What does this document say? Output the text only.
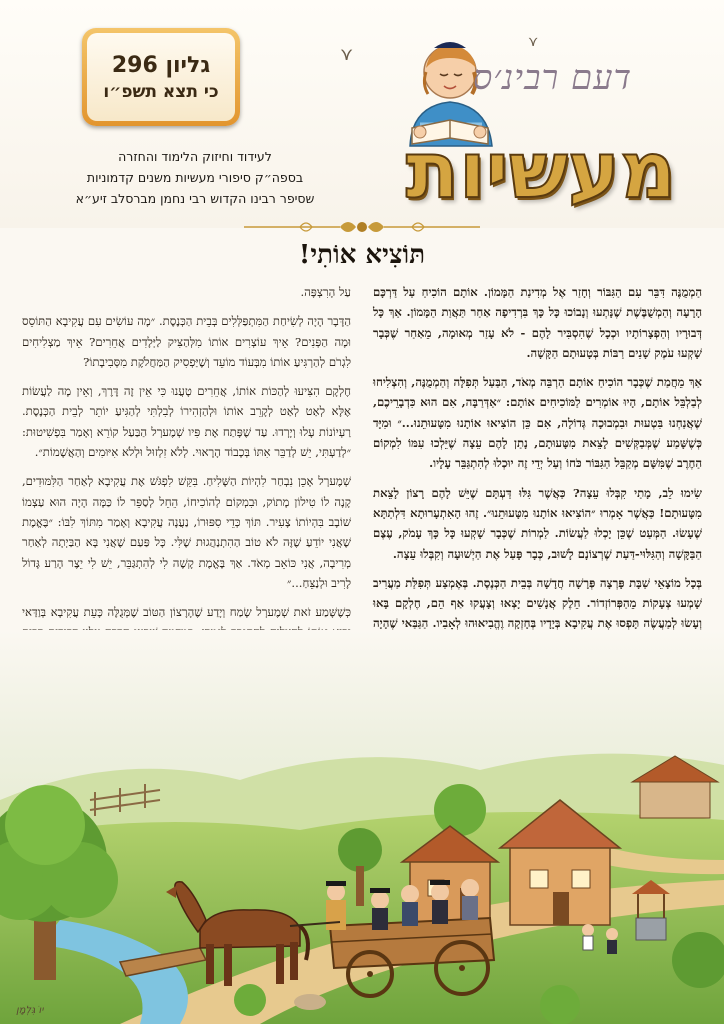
גליון 296
כי תצא תשפ״ו
לעידוד וחיזוק הלימוד והחזרה
בספה״ק סיפורי מעשיות משנים קדמוניות
שסיפר רבינו הקדוש רבי נחמן מברסלב זיע״א
⋎
⋎
דעם רבינ׳ס
מעשיות
תּוֹצִיא אוֹתִי!

הַמְמֻנֶּה דִּבֵּר עִם הַגִּבּוֹר וְחָזַר אֶל מְדִינַת הַמָּמוֹן. אוֹתָם הוֹכִיחַ עַל דַּרְכָּם הָרָעָה וְהַמְשֻׁבֶּשֶׁת שֶׁנָּתְעוּ וְנָבוֹכוּ כָּל כָּךְ בִּרְדִיפָה אַחַר תַּאֲוַת הַמָּמוֹן. אַךְ כָּל דְּבוּרָיו וְהַפְצָרוֹתָיו וּכְכָל שֶׁהִסְבִּיר לָהֶם - לֹא עָזַר מְאוּמָה, מֵאַחַר שֶׁכְּבָר שָׁקְעוּ עֹמֶק שָׁנִים רַבּוֹת בְּטָעוּתָם הַקָּשָׁה.

אַךְ מֵחֲמַת שֶׁכְּבָר הוֹכִיחַ אוֹתָם הַרְבֵּה מְאֹד, הַבַּעַל תְּפִלָּה וְהַמְמֻנֶּה, וְהִצְלִיחוּ לְבַלְבֵּל אוֹתָם, הָיוּ אוֹמְרִים לַמּוֹכִיחִים אוֹתָם: ״אַדְּרַבָּה, אִם הוּא כִּדְבָרֵיכֶם, שֶׁאֲנַחְנוּ בִּטְעוּת וּבִמְבוּכָה גְּדוֹלָה, אִם כֵּן הוֹצִיאוּ אוֹתָנוּ מִטָּעוּתֵנוּ...״ וּמִיָּד כְּשֶׁשָּׁמַע שֶׁמְּבַקְּשִׁים לָצֵאת מִטָּעוּתָם, נָתַן לָהֶם עֵצָה שֶׁיֵּלְכוּ עִמּוֹ לִמְקוֹם הַחֶרֶב שֶׁמִּשָּׁם מְקַבֵּל הַגִּבּוֹר כֹּחוֹ וְעַל יְדֵי זֶה יוּכְלוּ לְהִתְגַּבֵּר עָלָיו.

שִׂימוּ לֵב, מָתַי קִבְּלוּ עֵצָה? כַּאֲשֶׁר גִּלּוּ דַּעְתָּם שֶׁיֵּשׁ לָהֶם רָצוֹן לָצֵאת מִטָּעוּתָם! כַּאֲשֶׁר אָמְרוּ ״הוֹצִיאוּ אוֹתָנוּ מִטָּעוּתֵנוּ״. זֶהוּ הָאִתְעָרוּתָא דִּלְתַתָּא שֶׁעָשׂוּ. הַמְּעַט שֶׁכֵּן יָכְלוּ לַעֲשׂוֹת. לַמְרוֹת שֶׁכְּבָר שָׁקְעוּ כָּל כָּךְ עָמֹק, עֶצֶם הַבַּקָּשָׁה וְהַגִּלּוּי-דַּעַת שֶׁרְצוֹנָם לָשׁוּב, כְּבָר פָּעַל אֶת הַיְשׁוּעָה וְקִבְּלוּ עֵצָה.

בְּכָל מוֹצָאֵי שַׁבָּת פָּרְצָה פְּרָשָׁה חֲדָשָׁה בְּבֵית הַכְּנֶסֶת. בְּאֶמְצַע תְּפִלַּת מַעֲרִיב שָׁמְעוּ צְעָקוֹת מֵהַפְּרוֹזְדוֹר. חֵלֶק אֲנָשִׁים יָצְאוּ וְצָעֲקוּ אַף הֵם, חֶלְקָם בָּאוּ וְעָשׂוּ לְמַעֲשֶׂה תָּפְסוּ אֶת עֲקִיבָא בְּיָדָיו בְּחָזְקָה וֶהֱבִיאוּהוּ לְאָבִיו. הַגַּבַּאי שֶׁהָיָה

עַל הָרִצְפָּה.

הַדָּבָר הָיָה לְשִׂיחַת הַמִּתְפַּלְּלִים בְּבֵית הַכְּנֶסֶת. ״מָה עוֹשִׂים עִם עֲקִיבָא הַתּוֹסֵס וּמָה הַפְּנִים? אֵיךְ עוֹצְרִים אוֹתוֹ מִלְּהַצִּיק לַיְּלָדִים אֲחֵרִים? אֵיךְ מַצְלִיחִים לִגְרֹם לְהַרְגִּיעַ אוֹתוֹ מִבְּעוֹד מוֹעֵד וְשֶׁיַּפְסִיק הַמַּחֲלֹקֶת מִסְּבִיבָתוֹ?

חֶלְקָם הִצִּיעוּ לְהַכּוֹת אוֹתוֹ, אֲחֵרִים טָעֲנוּ כִּי אֵין זֶה דֶּרֶךְ, וְאֵין מָה לַעֲשׂוֹת אֶלָּא לְאַט לְאַט לְקָרֵב אוֹתוֹ וּלְהַזְהִירוֹ לְבִלְתִּי לְהַגִּיעַ יוֹתֵר לְבֵית הַכְּנֶסֶת. רַעְיוֹנוֹת עָלוּ וְיָרְדוּ. עַד שֶׁפָּתַח אֶת פִּיו שְׁמֶערְל הַבַּעַל קוֹרֵא וְאָמַר בִּפְשִׁיטוּת: ״לְדַעְתִּי, יֵשׁ לְדַבֵּר אִתּוֹ בְּכָבוֹד הָרָאוּי. לְלֹא זִלְזוּל וּלְלֹא אִיּוּמִים וְהַאֲשָׁמוֹת״.

שְׁמֶערְל אָכֵן נִבְחַר לִהְיוֹת הַשָּׁלִיחַ. בִּקֵּשׁ לִפְגֹּשׁ אֶת עֲקִיבָא לְאַחַר הַלִּמּוּדִים, קָנָה לוֹ טִילוֹן מָתוֹק, וּבִמְקוֹם לְהוֹכִיחוֹ, הֵחֵל לְסַפֵּר לוֹ כַּמָּה הָיָה הוּא עַצְמוֹ שׁוֹבָב בִּהְיוֹתוֹ צָעִיר. תּוֹךְ כְּדֵי סִפּוּרוֹ, נַעֲנָה עֲקִיבָא וְאָמַר מִתּוֹךְ לִבּוֹ: ״בֶּאֱמֶת שֶׁאֲנִי יוֹדֵעַ שֶׁזֶּה לֹא טוֹב הַהִתְנַהֲגוּת שֶׁלִּי. כָּל פַּעַם שֶׁאֲנִי בָּא הַבַּיְתָה לְאַחַר מְרִיבָה, אֲנִי כּוֹאֵב מְאֹד. אַךְ בֶּאֱמֶת קָשֶׁה לִי לְהִתְגַּבֵּר, יֵשׁ לִי יֵצֶר הָרַע גָּדוֹל לָרִיב וּלְנַצֵּחַ...״

כְּשֶׁשָּׁמַע זֹאת שְׁמֶערְל שָׂמַח וְיָדַע שֶׁהָרָצוֹן הַטּוֹב שֶׁמְּגֻלֶּה כָּעֵת עֲקִיבָא בְּוַדַּאי

יוֹ גִּלְמָן
